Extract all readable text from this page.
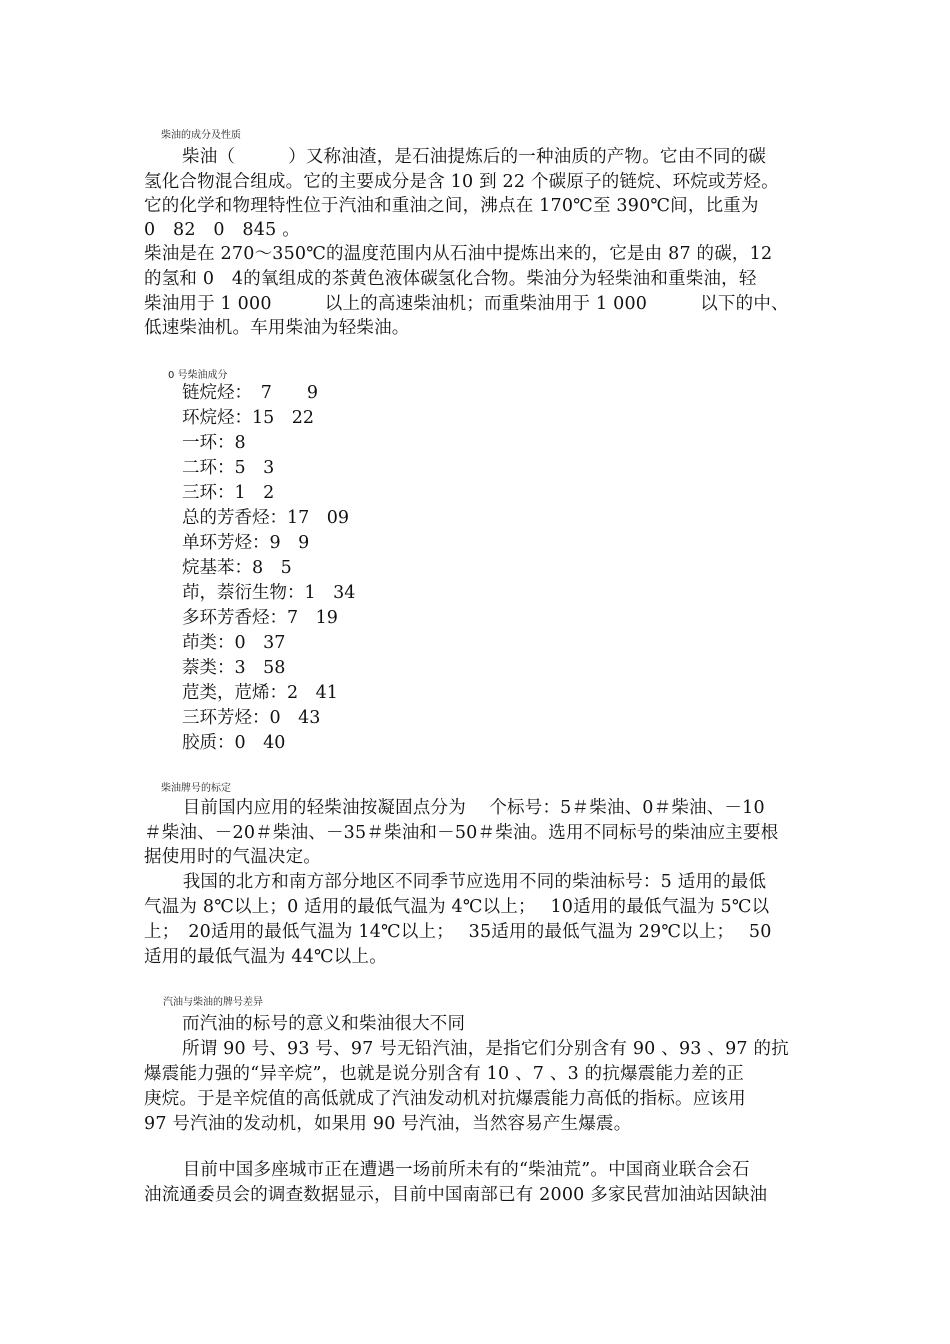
柴油的成分及性质
柴油（　　　）又称油渣，是石油提炼后的一种油质的产物。它由不同的碳
氢化合物混合组成。它的主要成分是含 10 到 22 个碳原子的链烷、环烷或芳烃。
它的化学和物理特性位于汽油和重油之间，沸点在 170℃至 390℃间，比重为
0　82　0　845 。
柴油是在 270～350℃的温度范围内从石油中提炼出来的，它是由 87 的碳，12
的氢和 0　4的氧组成的茶黄色液体碳氢化合物。柴油分为轻柴油和重柴油，轻
柴油用于 1 000　　　以上的高速柴油机；而重柴油用于 1 000　　　以下的中、
低速柴油机。车用柴油为轻柴油。
0 号柴油成分
链烷烃：　7　　9
环烷烃：15　22
一环：8
二环：5　3
三环：1　2
总的芳香烃：17　09
单环芳烃：9　9
烷基苯：8　5
茚，萘衍生物：1　34
多环芳香烃：7　19
茚类：0　37
萘类：3　58
苊类，苊烯：2　41
三环芳烃：0　43
胶质：0　40
柴油牌号的标定
　目前国内应用的轻柴油按凝固点分为　 个标号：5＃柴油、0＃柴油、－10
＃柴油、－20＃柴油、－35＃柴油和－50＃柴油。选用不同标号的柴油应主要根
据使用时的气温决定。
　我国的北方和南方部分地区不同季节应选用不同的柴油标号：5 适用的最低
气温为 8℃以上；0 适用的最低气温为 4℃以上；　 10适用的最低气温为 5℃以
上；　20适用的最低气温为 14℃以上；　 35适用的最低气温为 29℃以上；　 50
适用的最低气温为 44℃以上。
汽油与柴油的牌号差异
而汽油的标号的意义和柴油很大不同
所谓 90 号、93 号、97 号无铅汽油，是指它们分别含有 90 、93 、97 的抗
爆震能力强的“异辛烷”，也就是说分别含有 10 、7 、3 的抗爆震能力差的正
庚烷。于是辛烷值的高低就成了汽油发动机对抗爆震能力高低的指标。应该用
97 号汽油的发动机，如果用 90 号汽油，当然容易产生爆震。
　目前中国多座城市正在遭遇一场前所未有的“柴油荒”。中国商业联合会石
油流通委员会的调查数据显示，目前中国南部已有 2000 多家民营加油站因缺油
